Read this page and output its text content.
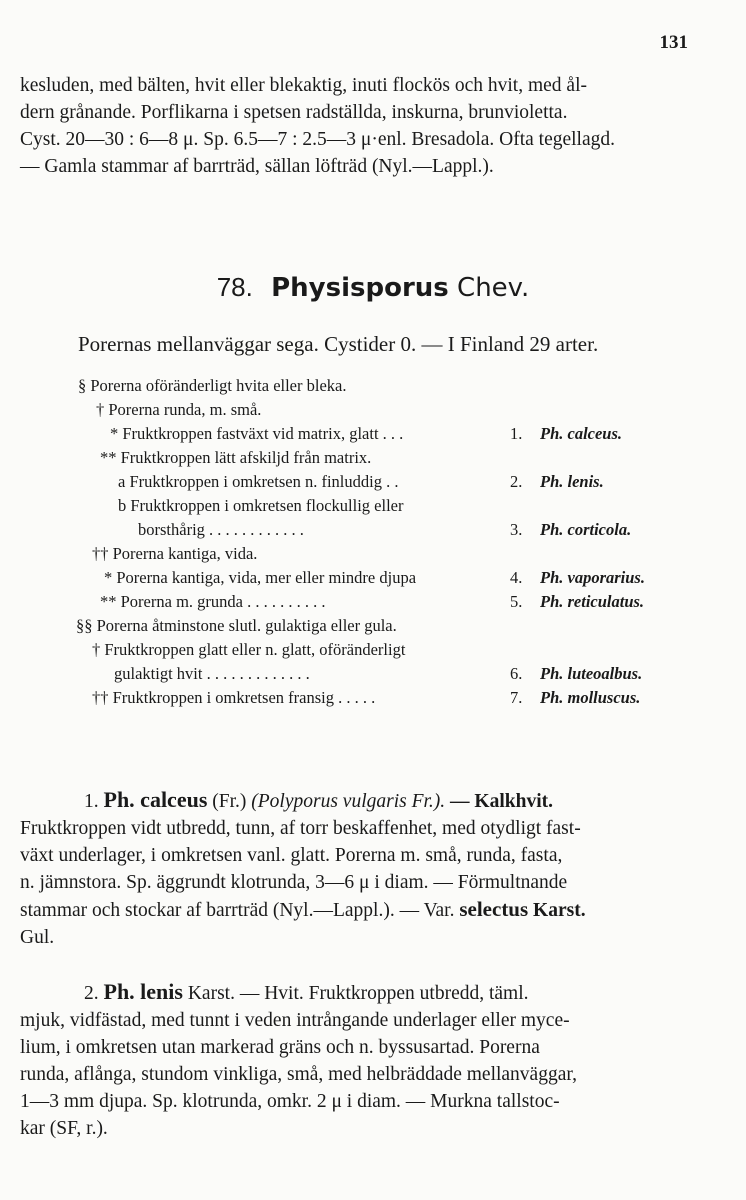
131
kesluden, med bälten, hvit eller blekaktig, inuti flockös och hvit, med ål-
dern grånande. Porflikarna i spetsen radställda, inskurna, brunvioletta.
Cyst. 20—30 : 6—8 μ. Sp. 6.5—7 : 2.5—3 μ·enl. Bresadola. Ofta tegellagd.
— Gamla stammar af barrträd, sällan löfträd (Nyl.—Lappl.).
78. Physisporus Chev.
Porernas mellanväggar sega. Cystider 0. — I Finland 29 arter.
§ Porerna oföränderligt hvita eller bleka.
† Porerna runda, m. små.
* Fruktkroppen fastväxt vid matrix, glatt . . .	1. Ph. calceus.
** Fruktkroppen lätt afskiljd från matrix.
a Fruktkroppen i omkretsen n. finluddig . .	2. Ph. lenis.
b Fruktkroppen i omkretsen flockullig eller
borsthårig . . . . . . . . . . . .	3. Ph. corticola.
†† Porerna kantiga, vida.
* Porerna kantiga, vida, mer eller mindre djupa	4. Ph. vaporarius.
** Porerna m. grunda . . . . . . . . . .	5. Ph. reticulatus.
§§ Porerna åtminstone slutl. gulaktiga eller gula.
† Fruktkroppen glatt eller n. glatt, oföränderligt
gulaktigt hvit . . . . . . . . . . . . .	6. Ph. luteoalbus.
†† Fruktkroppen i omkretsen fransig . . . . .	7. Ph. molluscus.
1. Ph. calceus (Fr.) (Polyporus vulgaris Fr.). — Kalkhvit.
Fruktkroppen vidt utbredd, tunn, af torr beskaffenhet, med otydligt fast-
växt underlager, i omkretsen vanl. glatt. Porerna m. små, runda, fasta,
n. jämnstora. Sp. äggrundt klotrunda, 3—6 μ i diam. — Förmultnande
stammar och stockar af barrträd (Nyl.—Lappl.). — Var. selectus Karst.
Gul.
2. Ph. lenis Karst. — Hvit. Fruktkroppen utbredd, täml.
mjuk, vidfästad, med tunnt i veden intrångande underlager eller myce-
lium, i omkretsen utan markerad gräns och n. byssusartad. Porerna
runda, aflånga, stundom vinkliga, små, med helbräddade mellanväggar,
1—3 mm djupa. Sp. klotrunda, omkr. 2 μ i diam. — Murkna tallstoc-
kar (SF, r.).
